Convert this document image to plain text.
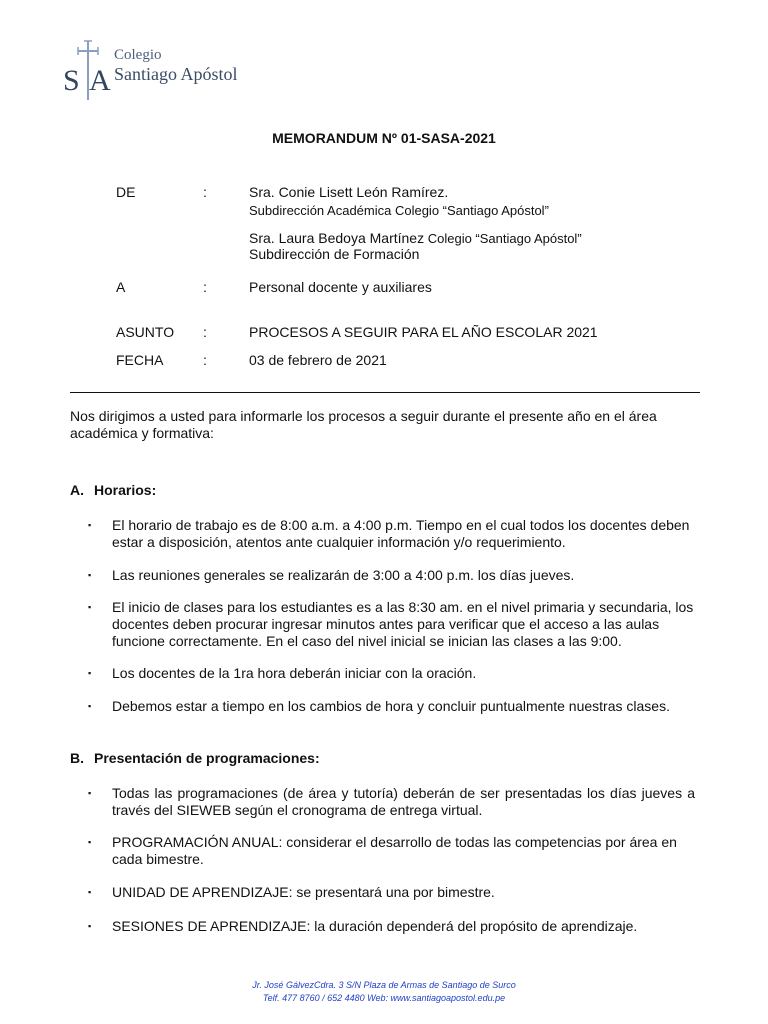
S A
Colegio
Santiago Apóstol
MEMORANDUM Nº 01-SASA-2021
DE	:	Sra. Conie Lisett León Ramírez.
Subdirección Académica Colegio “Santiago Apóstol”
Sra. Laura Bedoya Martínez Colegio “Santiago Apóstol”
Subdirección de Formación
A	:	Personal docente y auxiliares
ASUNTO :	PROCESOS A SEGUIR PARA EL AÑO ESCOLAR 2021
FECHA	:	03 de febrero de 2021
Nos dirigimos a usted para informarle los procesos a seguir durante el presente año en el área académica y formativa:
A. Horarios:
▪ El horario de trabajo es de 8:00 a.m. a 4:00 p.m. Tiempo en el cual todos los docentes deben estar a disposición, atentos ante cualquier información y/o requerimiento.
▪ Las reuniones generales se realizarán de 3:00 a 4:00 p.m. los días jueves.
▪ El inicio de clases para los estudiantes es a las 8:30 am. en el nivel primaria y secundaria, los docentes deben procurar ingresar minutos antes para verificar que el acceso a las aulas funcione correctamente. En el caso del nivel inicial se inician las clases a las 9:00.
▪ Los docentes de la 1ra hora deberán iniciar con la oración.
▪ Debemos estar a tiempo en los cambios de hora y concluir puntualmente nuestras clases.
B. Presentación de programaciones:
▪ Todas las programaciones (de área y tutoría) deberán de ser presentadas los días jueves a través del SIEWEB según el cronograma de entrega virtual.
▪ PROGRAMACIÓN ANUAL: considerar el desarrollo de todas las competencias por área en cada bimestre.
▪ UNIDAD DE APRENDIZAJE: se presentará una por bimestre.
▪ SESIONES DE APRENDIZAJE: la duración dependerá del propósito de aprendizaje.
Jr. José GálvezCdra. 3 S/N Plaza de Armas de Santiago de Surco
Telf. 477 8760 / 652 4480 Web: www.santiagoapostol.edu.pe
